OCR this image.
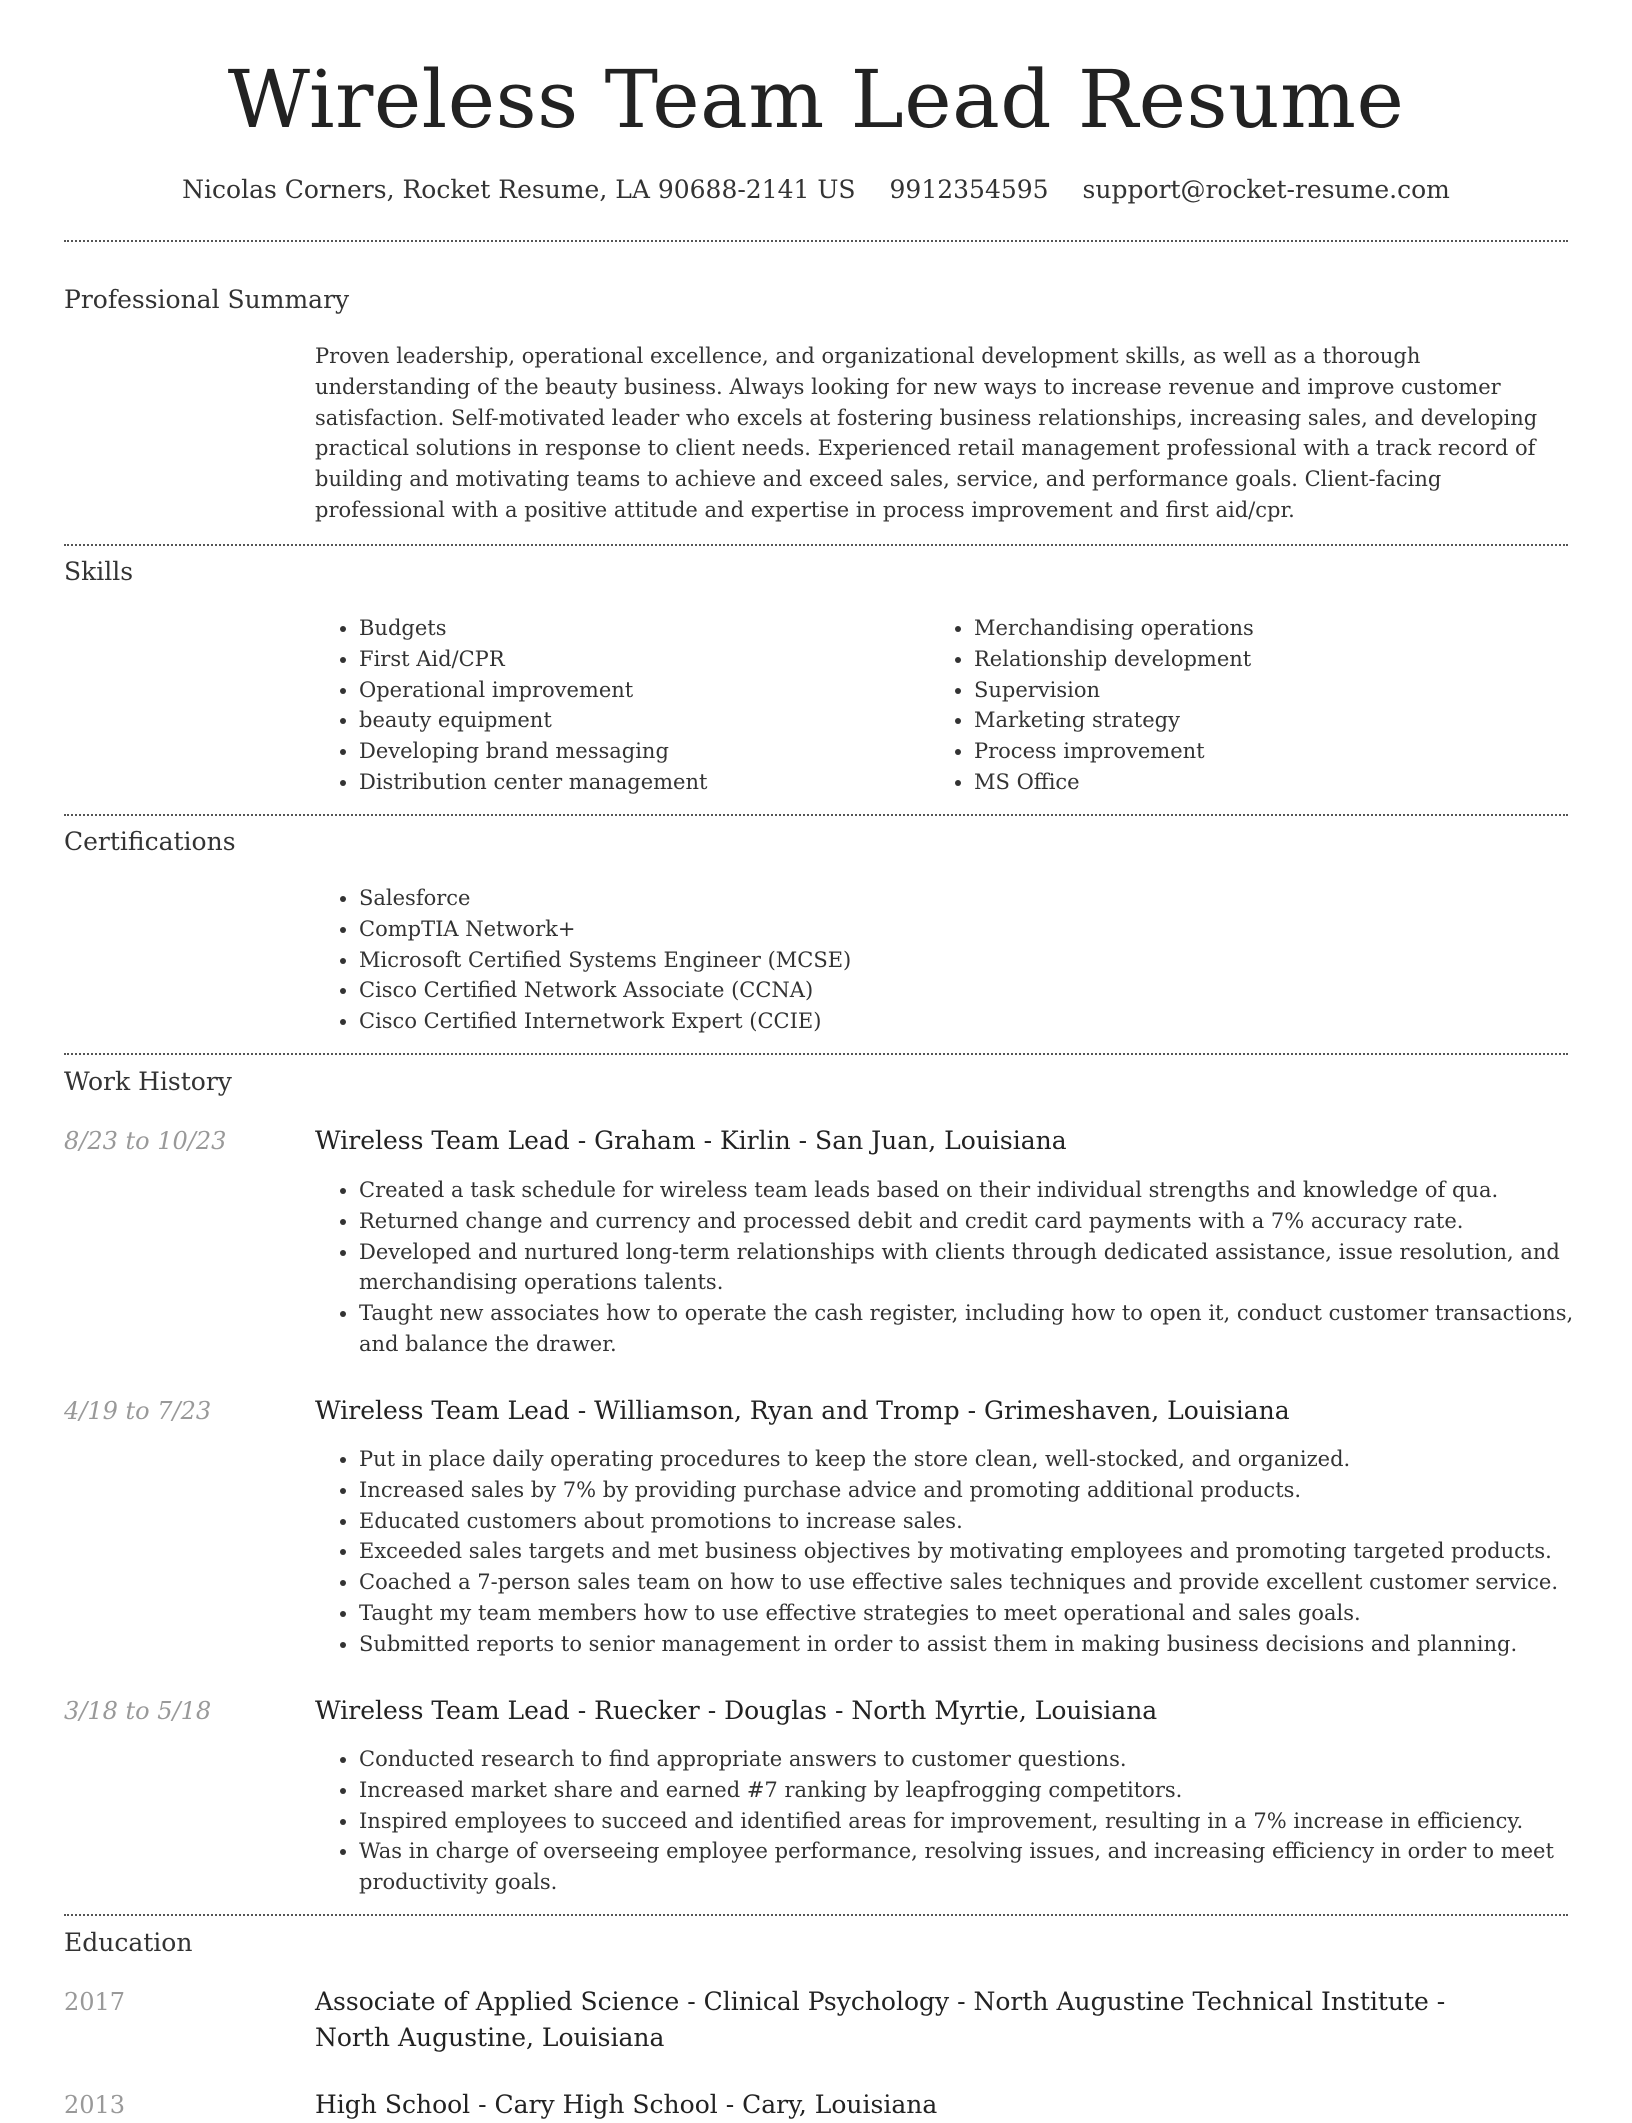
Wireless Team Lead Resume
Nicolas Corners, Rocket Resume, LA 90688-2141 US 9912354595 support@rocket-resume.com
Professional Summary

Proven leadership, operational excellence, and organizational development skills, as well as a thorough understanding of the beauty business. Always looking for new ways to increase revenue and improve customer satisfaction. Self-motivated leader who excels at fostering business relationships, increasing sales, and developing practical solutions in response to client needs. Experienced retail management professional with a track record of building and motivating teams to achieve and exceed sales, service, and performance goals. Client-facing professional with a positive attitude and expertise in process improvement and first aid/cpr.

Skills
• Budgets
• First Aid/CPR
• Operational improvement
• beauty equipment
• Developing brand messaging
• Distribution center management
• Merchandising operations
• Relationship development
• Supervision
• Marketing strategy
• Process improvement
• MS Office
Certifications
• Salesforce
• CompTIA Network+
• Microsoft Certified Systems Engineer (MCSE)
• Cisco Certified Network Associate (CCNA)
• Cisco Certified Internetwork Expert (CCIE)
Work History
8/23 to 10/23	Wireless Team Lead - Graham - Kirlin - San Juan, Louisiana
• Created a task schedule for wireless team leads based on their individual strengths and knowledge of qua.
• Returned change and currency and processed debit and credit card payments with a 7% accuracy rate.
• Developed and nurtured long-term relationships with clients through dedicated assistance, issue resolution, and merchandising operations talents.
• Taught new associates how to operate the cash register, including how to open it, conduct customer transactions, and balance the drawer.
4/19 to 7/23	Wireless Team Lead - Williamson, Ryan and Tromp - Grimeshaven, Louisiana
• Put in place daily operating procedures to keep the store clean, well-stocked, and organized.
• Increased sales by 7% by providing purchase advice and promoting additional products.
• Educated customers about promotions to increase sales.
• Exceeded sales targets and met business objectives by motivating employees and promoting targeted products.
• Coached a 7-person sales team on how to use effective sales techniques and provide excellent customer service.
• Taught my team members how to use effective strategies to meet operational and sales goals.
• Submitted reports to senior management in order to assist them in making business decisions and planning.
3/18 to 5/18	Wireless Team Lead - Ruecker - Douglas - North Myrtie, Louisiana
• Conducted research to find appropriate answers to customer questions.
• Increased market share and earned #7 ranking by leapfrogging competitors.
• Inspired employees to succeed and identified areas for improvement, resulting in a 7% increase in efficiency.
• Was in charge of overseeing employee performance, resolving issues, and increasing efficiency in order to meet productivity goals.
Education
2017	Associate of Applied Science - Clinical Psychology - North Augustine Technical Institute - North Augustine, Louisiana
2013	High School - Cary High School - Cary, Louisiana
